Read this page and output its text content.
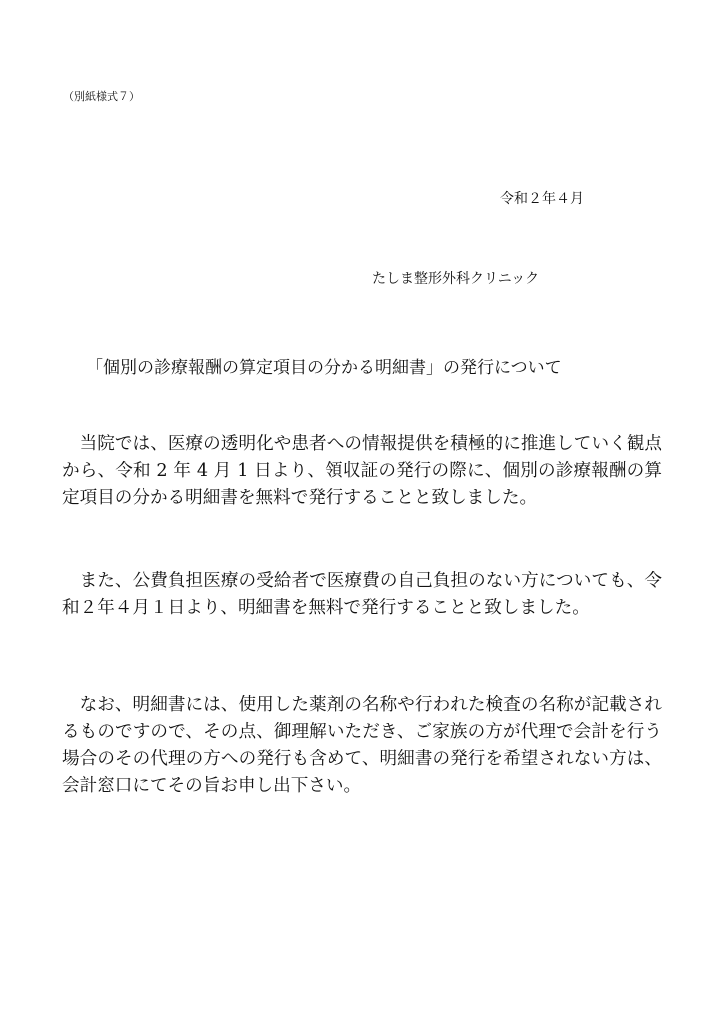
（別紙様式７）
令和２年４月
たしま整形外科クリニック
「個別の診療報酬の算定項目の分かる明細書」の発行について

当院では、医療の透明化や患者への情報提供を積極的に推進していく観点から、令和 2 年 4 月 1 日より、領収証の発行の際に、個別の診療報酬の算定項目の分かる明細書を無料で発行することと致しました。

また、公費負担医療の受給者で医療費の自己負担のない方についても、令和２年４月１日より、明細書を無料で発行することと致しました。

なお、明細書には、使用した薬剤の名称や行われた検査の名称が記載されるものですので、その点、御理解いただき、ご家族の方が代理で会計を行う場合のその代理の方への発行も含めて、明細書の発行を希望されない方は、会計窓口にてその旨お申し出下さい。
